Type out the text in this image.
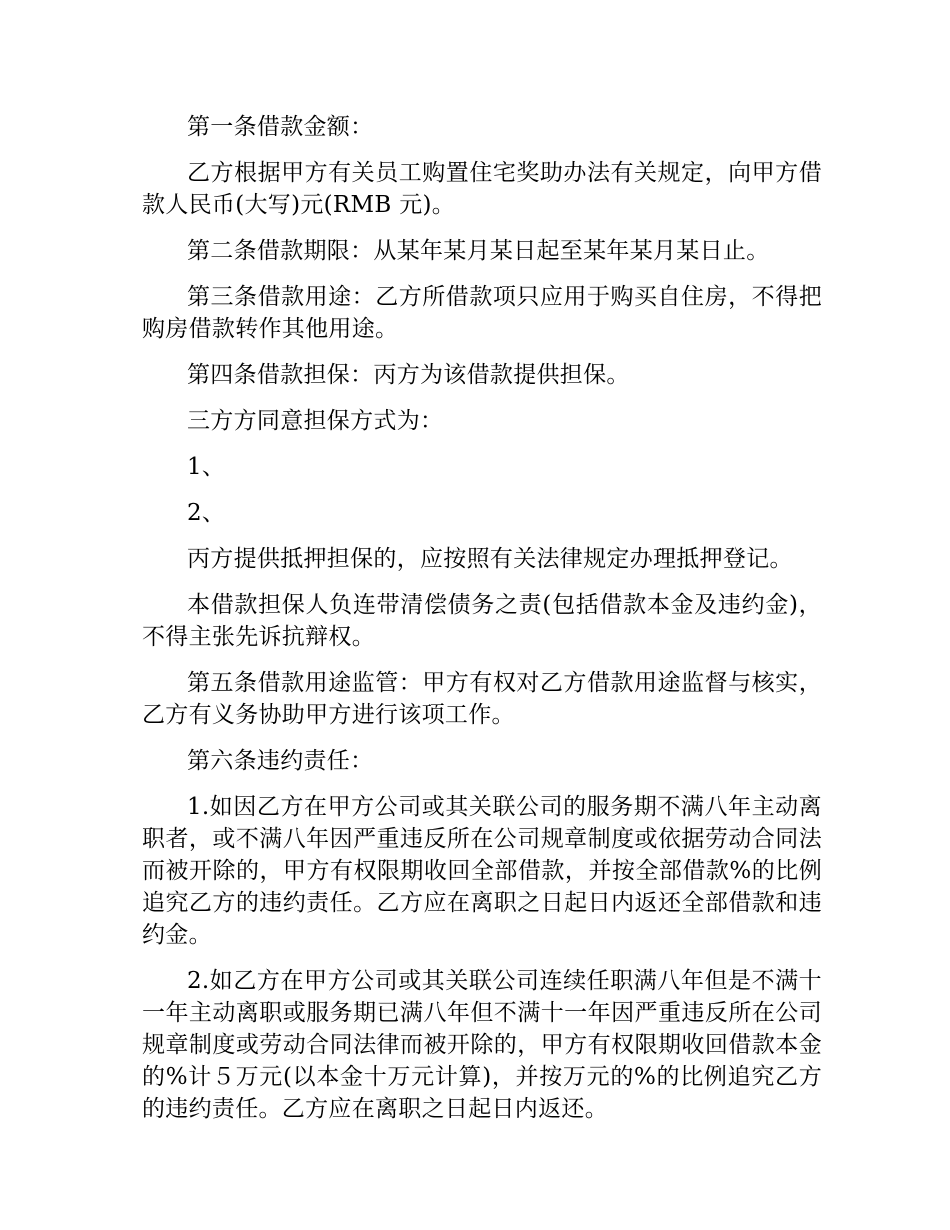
第一条借款金额：

乙方根据甲方有关员工购置住宅奖助办法有关规定，向甲方借款人民币(大写)元(RMB 元)。

第二条借款期限：从某年某月某日起至某年某月某日止。

第三条借款用途：乙方所借款项只应用于购买自住房，不得把购房借款转作其他用途。

第四条借款担保：丙方为该借款提供担保。

三方方同意担保方式为：

1、

2、

丙方提供抵押担保的，应按照有关法律规定办理抵押登记。

本借款担保人负连带清偿债务之责(包括借款本金及违约金)，不得主张先诉抗辩权。

第五条借款用途监管：甲方有权对乙方借款用途监督与核实，乙方有义务协助甲方进行该项工作。

第六条违约责任：

1.如因乙方在甲方公司或其关联公司的服务期不满八年主动离职者，或不满八年因严重违反所在公司规章制度或依据劳动合同法而被开除的，甲方有权限期收回全部借款，并按全部借款%的比例追究乙方的违约责任。乙方应在离职之日起日内返还全部借款和违约金。

2.如乙方在甲方公司或其关联公司连续任职满八年但是不满十一年主动离职或服务期已满八年但不满十一年因严重违反所在公司规章制度或劳动合同法律而被开除的，甲方有权限期收回借款本金的%计５万元(以本金十万元计算)，并按万元的%的比例追究乙方的违约责任。乙方应在离职之日起日内返还。
